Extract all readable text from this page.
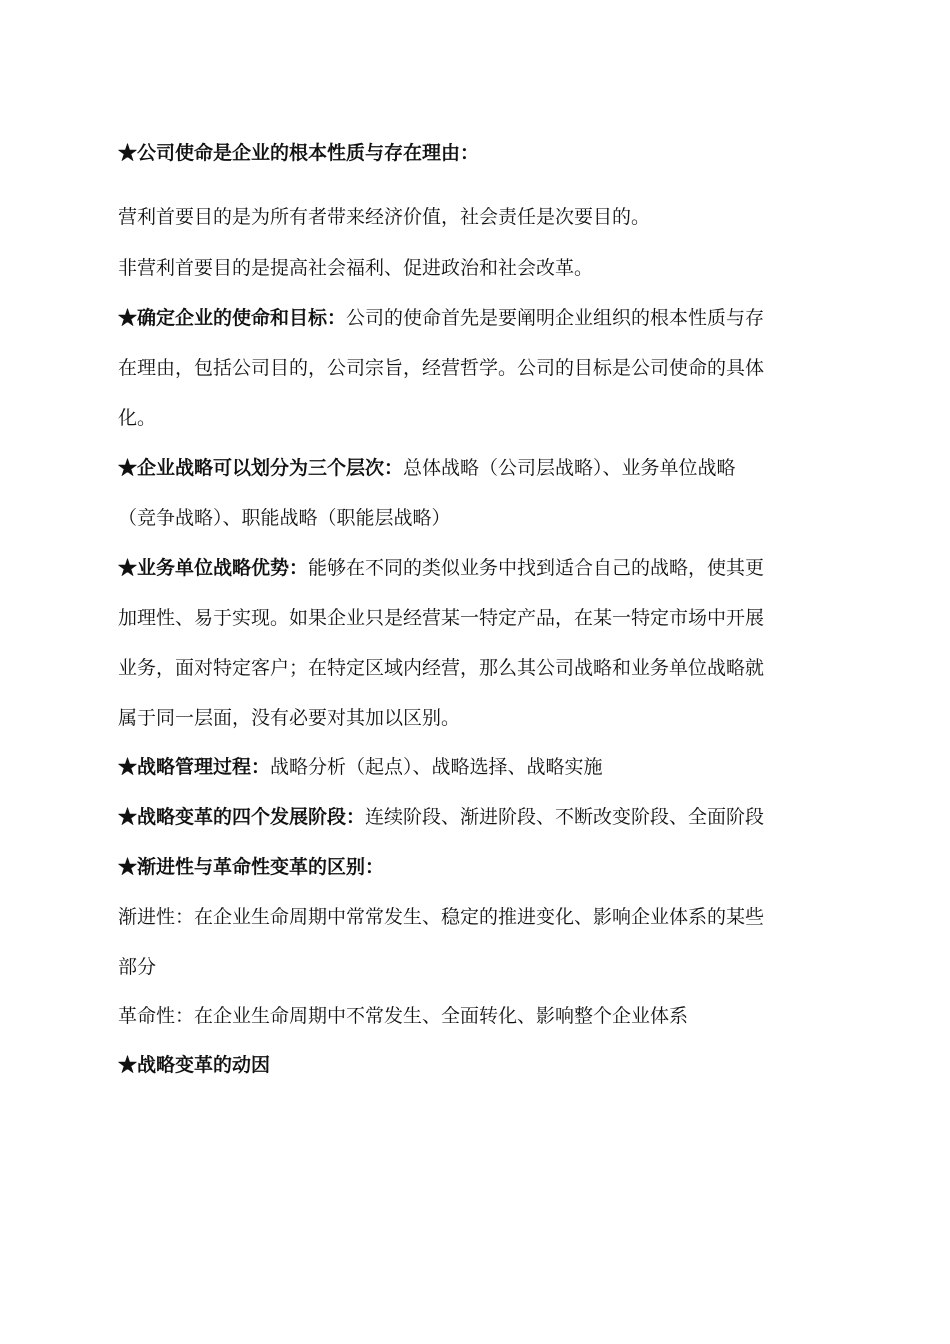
★公司使命是企业的根本性质与存在理由：

营利首要目的是为所有者带来经济价值，社会责任是次要目的。

非营利首要目的是提高社会福利、促进政治和社会改革。

★确定企业的使命和目标：公司的使命首先是要阐明企业组织的根本性质与存
在理由，包括公司目的，公司宗旨，经营哲学。公司的目标是公司使命的具体
化。

★企业战略可以划分为三个层次：总体战略（公司层战略）、业务单位战略
（竞争战略）、职能战略（职能层战略）

★业务单位战略优势：能够在不同的类似业务中找到适合自己的战略，使其更
加理性、易于实现。如果企业只是经营某一特定产品，在某一特定市场中开展
业务，面对特定客户；在特定区域内经营，那么其公司战略和业务单位战略就
属于同一层面，没有必要对其加以区别。

★战略管理过程：战略分析（起点）、战略选择、战略实施

★战略变革的四个发展阶段：连续阶段、渐进阶段、不断改变阶段、全面阶段

★渐进性与革命性变革的区别：

渐进性：在企业生命周期中常常发生、稳定的推进变化、影响企业体系的某些
部分

革命性：在企业生命周期中不常发生、全面转化、影响整个企业体系

★战略变革的动因
